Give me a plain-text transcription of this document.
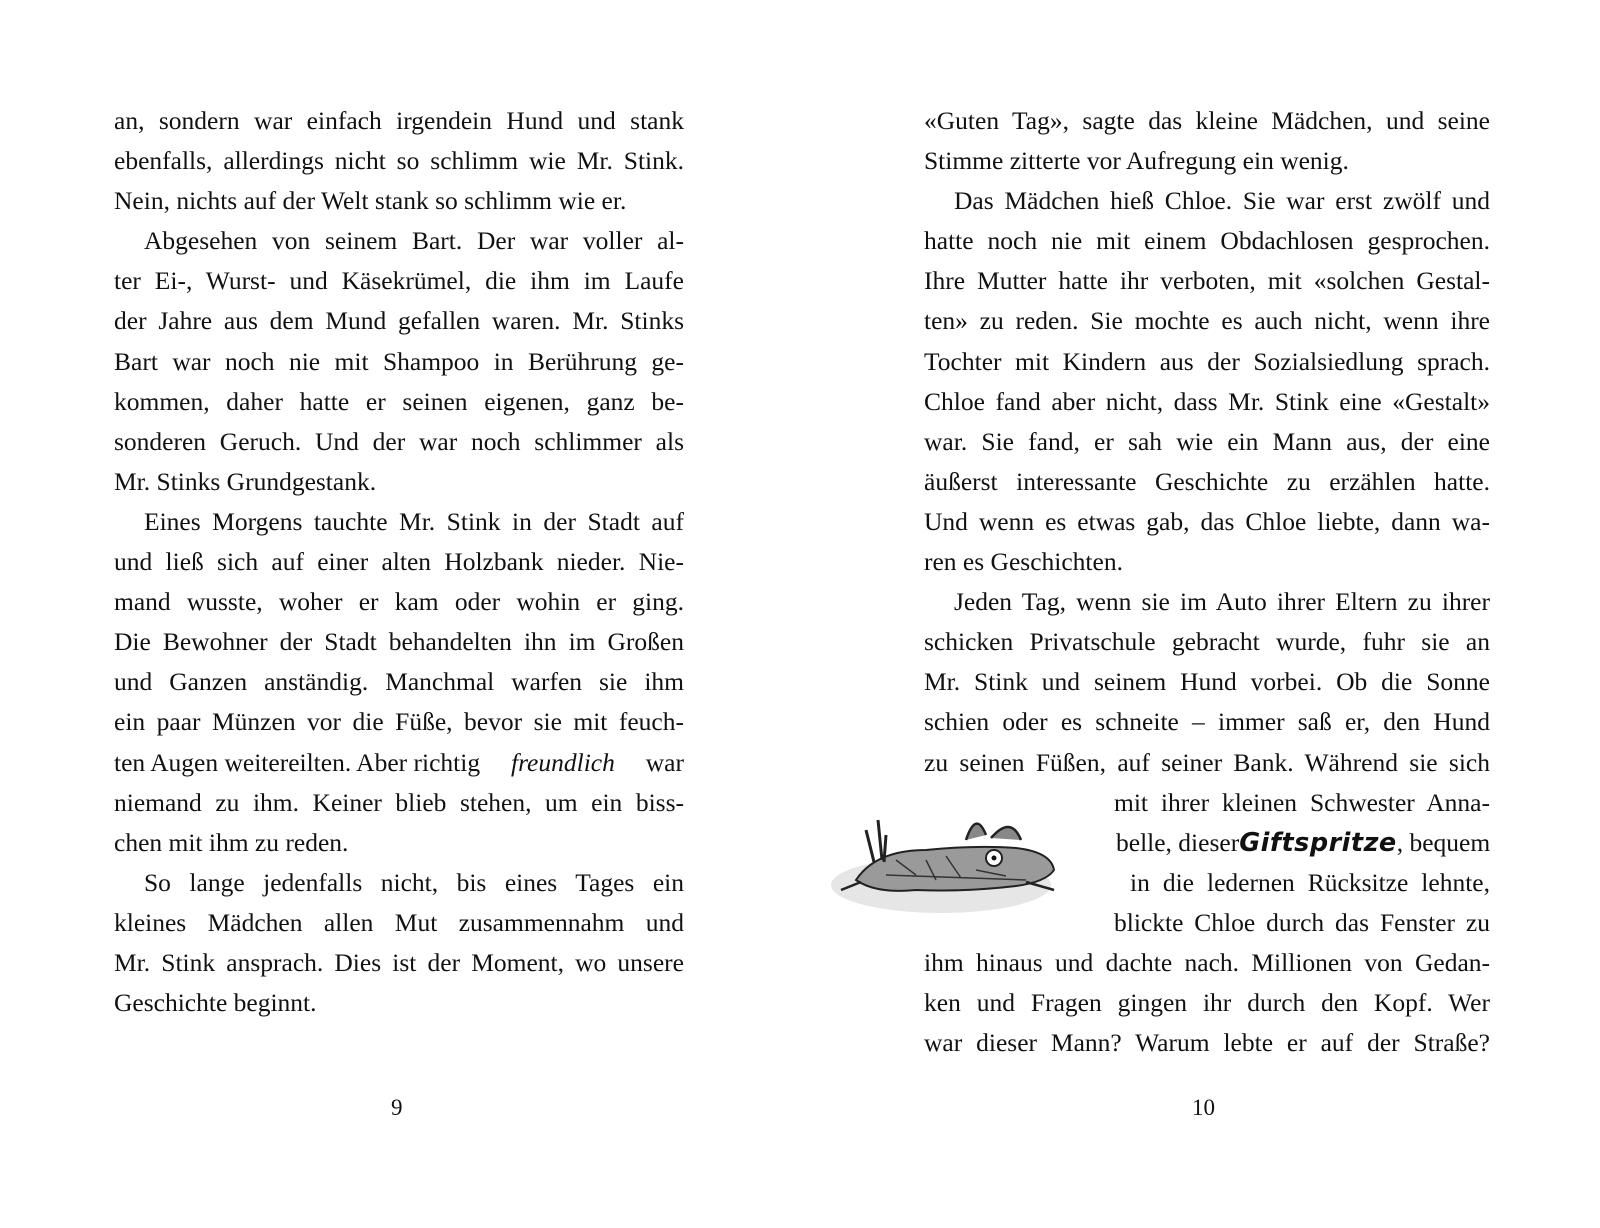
an, sondern war einfach irgendein Hund und stank
ebenfalls, allerdings nicht so schlimm wie Mr. Stink.
Nein, nichts auf der Welt stank so schlimm wie er.
Abgesehen von seinem Bart. Der war voller al-
ter Ei-, Wurst- und Käsekrümel, die ihm im Laufe
der Jahre aus dem Mund gefallen waren. Mr. Stinks
Bart war noch nie mit Shampoo in Berührung ge-
kommen, daher hatte er seinen eigenen, ganz be-
sonderen Geruch. Und der war noch schlimmer als
Mr. Stinks Grundgestank.
Eines Morgens tauchte Mr. Stink in der Stadt auf
und ließ sich auf einer alten Holzbank nieder. Nie-
mand wusste, woher er kam oder wohin er ging.
Die Bewohner der Stadt behandelten ihn im Großen
und Ganzen anständig. Manchmal warfen sie ihm
ein paar Münzen vor die Füße, bevor sie mit feuch-
ten Augen weitereilten. Aber richtig freundlich war
niemand zu ihm. Keiner blieb stehen, um ein biss-
chen mit ihm zu reden.
So lange jedenfalls nicht, bis eines Tages ein
kleines Mädchen allen Mut zusammennahm und
Mr. Stink ansprach. Dies ist der Moment, wo unsere
Geschichte beginnt.
9
«Guten Tag», sagte das kleine Mädchen, und seine
Stimme zitterte vor Aufregung ein wenig.
Das Mädchen hieß Chloe. Sie war erst zwölf und
hatte noch nie mit einem Obdachlosen gesprochen.
Ihre Mutter hatte ihr verboten, mit «solchen Gestal-
ten» zu reden. Sie mochte es auch nicht, wenn ihre
Tochter mit Kindern aus der Sozialsiedlung sprach.
Chloe fand aber nicht, dass Mr. Stink eine «Gestalt»
war. Sie fand, er sah wie ein Mann aus, der eine
äußerst interessante Geschichte zu erzählen hatte.
Und wenn es etwas gab, das Chloe liebte, dann wa-
ren es Geschichten.
Jeden Tag, wenn sie im Auto ihrer Eltern zu ihrer
schicken Privatschule gebracht wurde, fuhr sie an
Mr. Stink und seinem Hund vorbei. Ob die Sonne
schien oder es schneite – immer saß er, den Hund
zu seinen Füßen, auf seiner Bank. Während sie sich
mit ihrer kleinen Schwester Anna-
belle, dieser Giftspritze, bequem
in die ledernen Rücksitze lehnte,
blickte Chloe durch das Fenster zu
ihm hinaus und dachte nach. Millionen von Gedan-
ken und Fragen gingen ihr durch den Kopf. Wer
war dieser Mann? Warum lebte er auf der Straße?
10
